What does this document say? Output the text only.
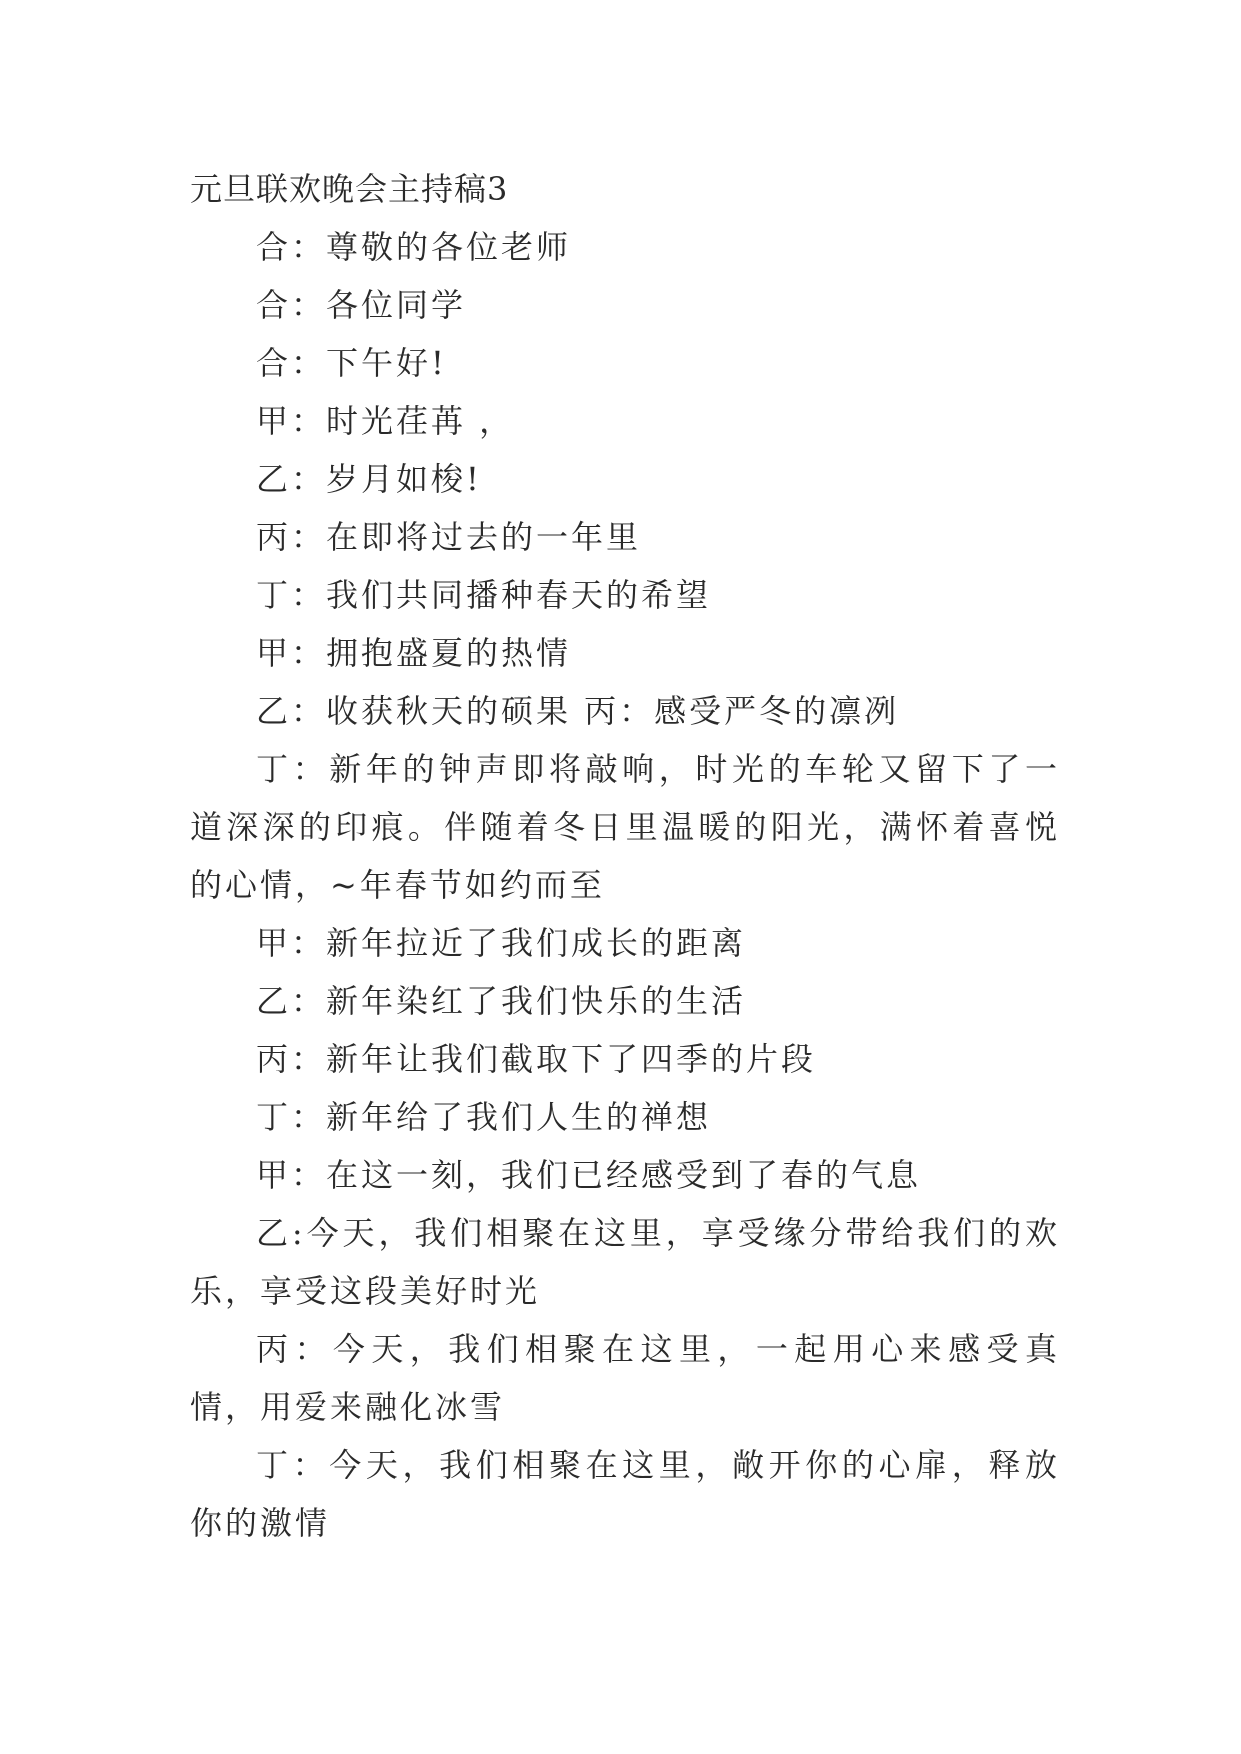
元旦联欢晚会主持稿3

合：尊敬的各位老师

合：各位同学

合：下午好!

甲：时光荏苒 ，

乙：岁月如梭!

丙：在即将过去的一年里

丁：我们共同播种春天的希望

甲：拥抱盛夏的热情

乙：收获秋天的硕果 丙：感受严冬的凛冽

丁：新年的钟声即将敲响，时光的车轮又留下了一道深深的印痕。伴随着冬日里温暖的阳光，满怀着喜悦的心情，~年春节如约而至

甲：新年拉近了我们成长的距离

乙：新年染红了我们快乐的生活

丙：新年让我们截取下了四季的片段

丁：新年给了我们人生的禅想

甲：在这一刻，我们已经感受到了春的气息

乙:今天，我们相聚在这里，享受缘分带给我们的欢乐，享受这段美好时光

丙：今天，我们相聚在这里，一起用心来感受真情，用爱来融化冰雪

丁：今天，我们相聚在这里，敞开你的心扉，释放你的激情
